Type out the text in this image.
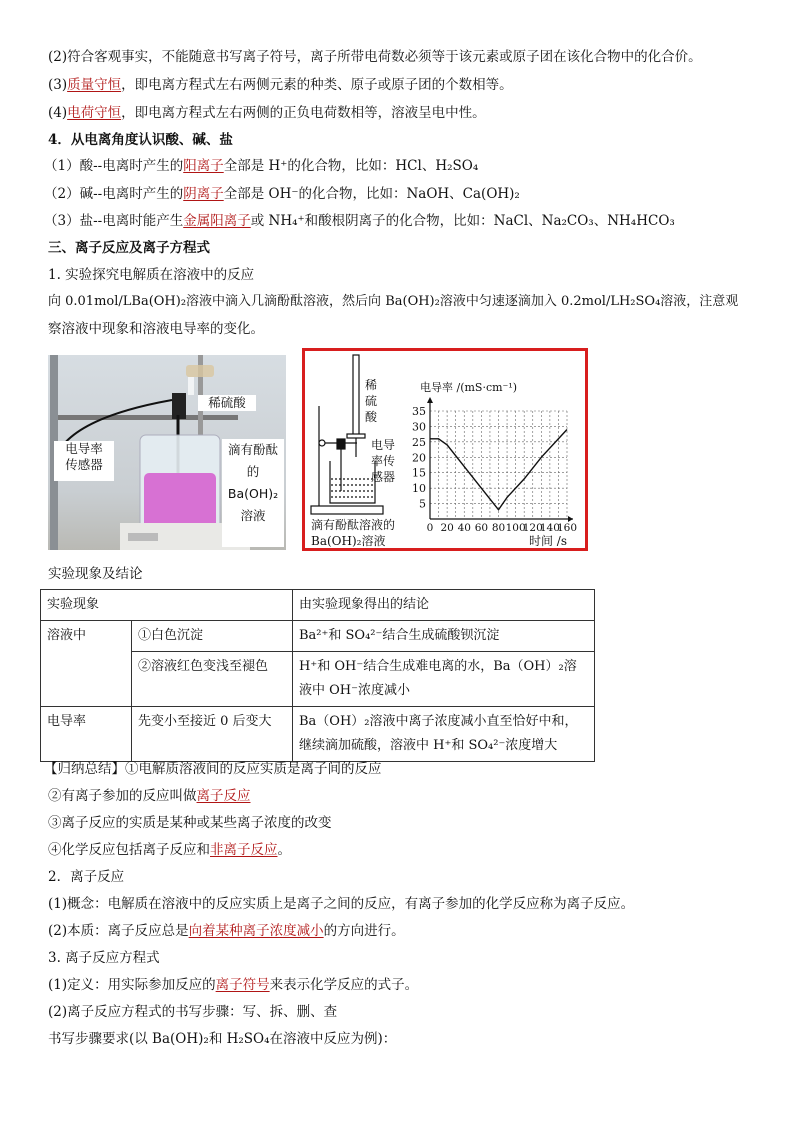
(2)符合客观事实，不能随意书写离子符号，离子所带电荷数必须等于该元素或原子团在该化合物中的化合价。
(3)质量守恒，即电离方程式左右两侧元素的种类、原子或原子团的个数相等。
(4)电荷守恒，即电离方程式左右两侧的正负电荷数相等，溶液呈电中性。
4．从电离角度认识酸、碱、盐
（1）酸--电离时产生的阳离子全部是 H⁺的化合物，比如：HCl、H₂SO₄
（2）碱--电离时产生的阴离子全部是 OH⁻的化合物，比如：NaOH、Ca(OH)₂
（3）盐--电离时能产生金属阳离子或 NH₄⁺和酸根阴离子的化合物，比如：NaCl、Na₂CO₃、NH₄HCO₃
三、离子反应及离子方程式
1. 实验探究电解质在溶液中的反应
向 0.01mol/LBa(OH)₂溶液中滴入几滴酚酞溶液，然后向 Ba(OH)₂溶液中匀速逐滴加入 0.2mol/LH₂SO₄溶液，注意观
察溶液中现象和溶液电导率的变化。
稀硫酸
电导率
传感器
滴有酚酞
的
Ba(OH)₂
溶液
稀
硫
酸
电导
率传
感器
滴有酚酞溶液的
Ba(OH)₂溶液
5
10
15
20
25
30
35
0 20 40 60 80 100
120
140
160
电导率 /(mS·cm⁻¹)
时间 /s
实验现象及结论
实验现象		由实验现象得出的结论
溶液中	①白色沉淀	Ba²⁺和 SO₄²⁻结合生成硫酸钡沉淀
	②溶液红色变浅至褪色	H⁺和 OH⁻结合生成难电离的水，Ba（OH）₂溶
液中 OH⁻浓度减小

电导率	先变小至接近 0 后变大	Ba（OH）₂溶液中离子浓度减小直至恰好中和，
继续滴加硫酸，溶液中 H⁺和 SO₄²⁻浓度增大
【归纳总结】①电解质溶液间的反应实质是离子间的反应
②有离子参加的反应叫做离子反应
③离子反应的实质是某种或某些离子浓度的改变
④化学反应包括离子反应和非离子反应。
2．离子反应
(1)概念：电解质在溶液中的反应实质上是离子之间的反应，有离子参加的化学反应称为离子反应。
(2)本质：离子反应总是向着某种离子浓度减小的方向进行。
3. 离子反应方程式
(1)定义：用实际参加反应的离子符号来表示化学反应的式子。
(2)离子反应方程式的书写步骤：写、拆、删、查
书写步骤要求(以 Ba(OH)₂和 H₂SO₄在溶液中反应为例)：
